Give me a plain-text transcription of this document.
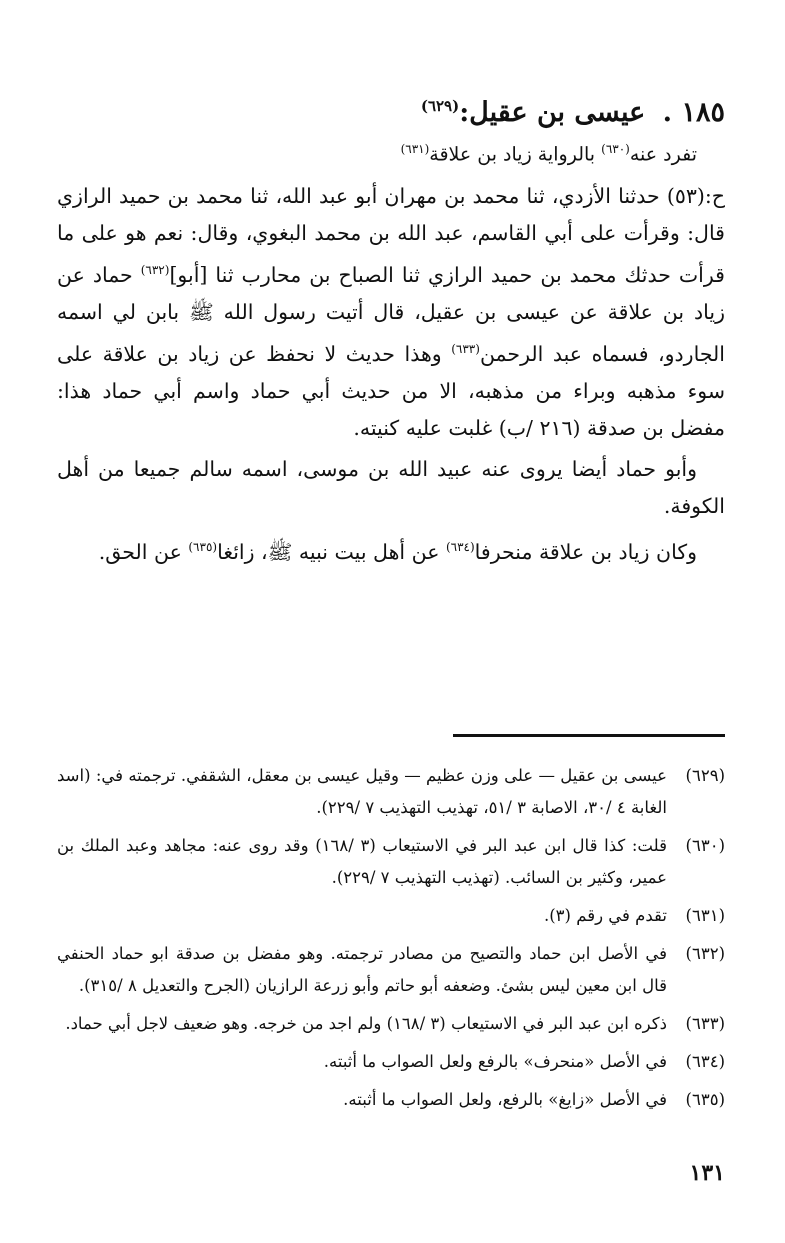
١٨٥ . عيسى بن عقيل:$^{(٦٢٩)}$
تفرد عنه$^{(٦٣٠)}$ بالرواية زياد بن علاقة$^{(٦٣١)}$

ح:(٥٣) حدثنا الأزدي، ثنا محمد بن مهران أبو عبد الله، ثنا محمد بن حميد الرازي قال: وقرأت على أبي القاسم، عبد الله بن محمد البغوي، وقال: نعم هو على ما قرأت حدثك محمد بن حميد الرازي ثنا الصباح بن محارب ثنا [أبو]$^{(٦٣٢)}$ حماد عن زياد بن علاقة عن عيسى بن عقيل، قال أتيت رسول الله ﷺ بابن لي اسمه الجاردو، فسماه عبد الرحمن$^{(٦٣٣)}$ وهذا حديث لا نحفظ عن زياد بن علاقة على سوء مذهبه وبراء من مذهبه، الا من حديث أبي حماد واسم أبي حماد هذا: مفضل بن صدقة (٢١٦ /ب) غلبت عليه كنيته.

وأبو حماد أيضا يروى عنه عبيد الله بن موسى، اسمه سالم جميعا من أهل الكوفة.

وكان زياد بن علاقة منحرفا$^{(٦٣٤)}$ عن أهل بيت نبيه ﷺ، زائغا$^{(٦٣٥)}$ عن الحق.

(٦٢٩)
عيسى بن عقيل — على وزن عظيم — وقيل عيسى بن معقل، الشقفي. ترجمته في: (اسد الغابة ٤ /٣٠، الاصابة ٣ /٥١، تهذيب التهذيب ٧ /٢٢٩).
(٦٣٠)
قلت: كذا قال ابن عبد البر في الاستيعاب (٣ /١٦٨) وقد روى عنه: مجاهد وعبد الملك بن عمير، وكثير بن السائب. (تهذيب التهذيب ٧ /٢٢٩).
(٦٣١)
تقدم في رقم (٣).
(٦٣٢)
في الأصل ابن حماد والتصيح من مصادر ترجمته. وهو مفضل بن صدقة ابو حماد الحنفي قال ابن معين ليس بشئ. وضعفه أبو حاتم وأبو زرعة الرازيان (الجرح والتعديل ٨ /٣١٥).
(٦٣٣)
ذكره ابن عبد البر في الاستيعاب (٣ /١٦٨) ولم اجد من خرجه. وهو ضعيف لاجل أبي حماد.
(٦٣٤)
في الأصل «منحرف» بالرفع ولعل الصواب ما أثبته.
(٦٣٥)
في الأصل «زايغ» بالرفع، ولعل الصواب ما أثبته.
١٣١
